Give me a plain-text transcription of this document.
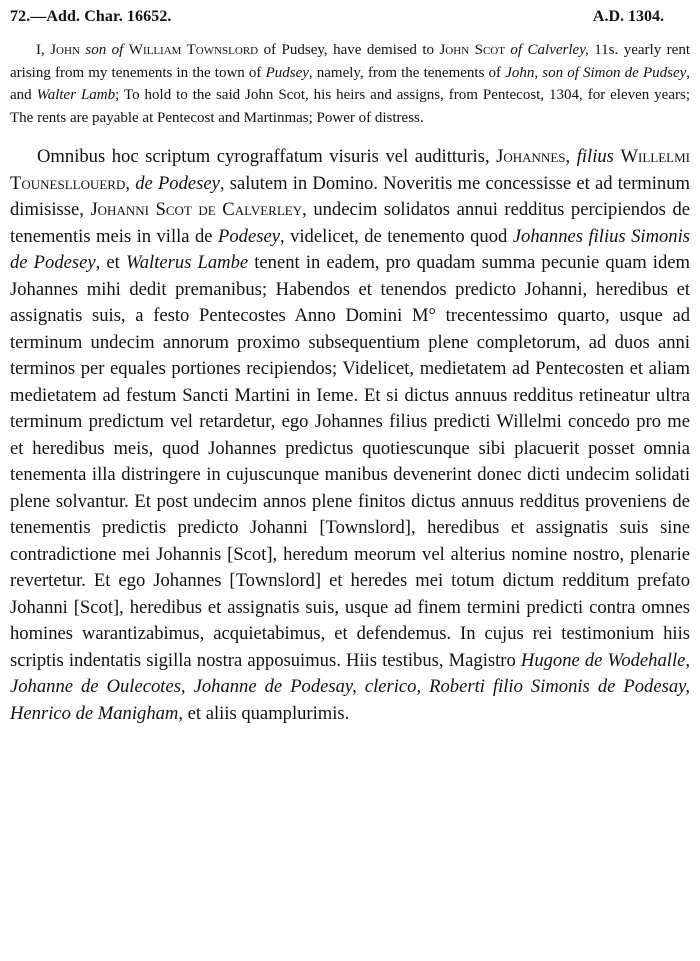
72.—Add. Char. 16652.	A.D. 1304.

I, John son of William Townslord of Pudsey, have demised to John Scot of Calverley, 11s. yearly rent arising from my tenements in the town of Pudsey, namely, from the tenements of John, son of Simon de Pudsey, and Walter Lamb; To hold to the said John Scot, his heirs and assigns, from Pentecost, 1304, for eleven years; The rents are payable at Pentecost and Martinmas; Power of distress.

Omnibus hoc scriptum cyrograffatum visuris vel auditturis, Johannes, filius Willelmi Tounesllouerd, de Podesey, salutem in Domino. Noveritis me concessisse et ad terminum dimisisse, Johanni Scot de Calverley, undecim solidatos annui redditus percipiendos de tenementis meis in villa de Podesey, videlicet, de tenemento quod Johannes filius Simonis de Podesey, et Walterus Lambe tenent in eadem, pro quadam summa pecunie quam idem Johannes mihi dedit premanibus; Habendos et tenendos predicto Johanni, heredibus et assignatis suis, a festo Pentecostes Anno Domini M° trecentessimo quarto, usque ad terminum undecim annorum proximo subsequentium plene completorum, ad duos anni terminos per equales portiones recipiendos; Videlicet, medietatem ad Pentecosten et aliam medietatem ad festum Sancti Martini in Ieme. Et si dictus annuus redditus retineatur ultra terminum predictum vel retardetur, ego Johannes filius predicti Willelmi concedo pro me et heredibus meis, quod Johannes predictus quotiescunque sibi placuerit posset omnia tenementa illa distringere in cujuscunque manibus devenerint donec dicti undecim solidati plene solvantur. Et post undecim annos plene finitos dictus annuus redditus proveniens de tenementis predictis predicto Johanni [Townslord], heredibus et assignatis suis sine contradictione mei Johannis [Scot], heredum meorum vel alterius nomine nostro, plenarie revertetur. Et ego Johannes [Townslord] et heredes mei totum dictum redditum prefato Johanni [Scot], heredibus et assignatis suis, usque ad finem termini predicti contra omnes homines warantizabimus, acquietabimus, et defendemus. In cujus rei testimonium hiis scriptis indentatis sigilla nostra apposuimus. Hiis testibus, Magistro Hugone de Wodehalle, Johanne de Oulecotes, Johanne de Podesay, clerico, Roberti filio Simonis de Podesay, Henrico de Manigham, et aliis quamplurimis.
